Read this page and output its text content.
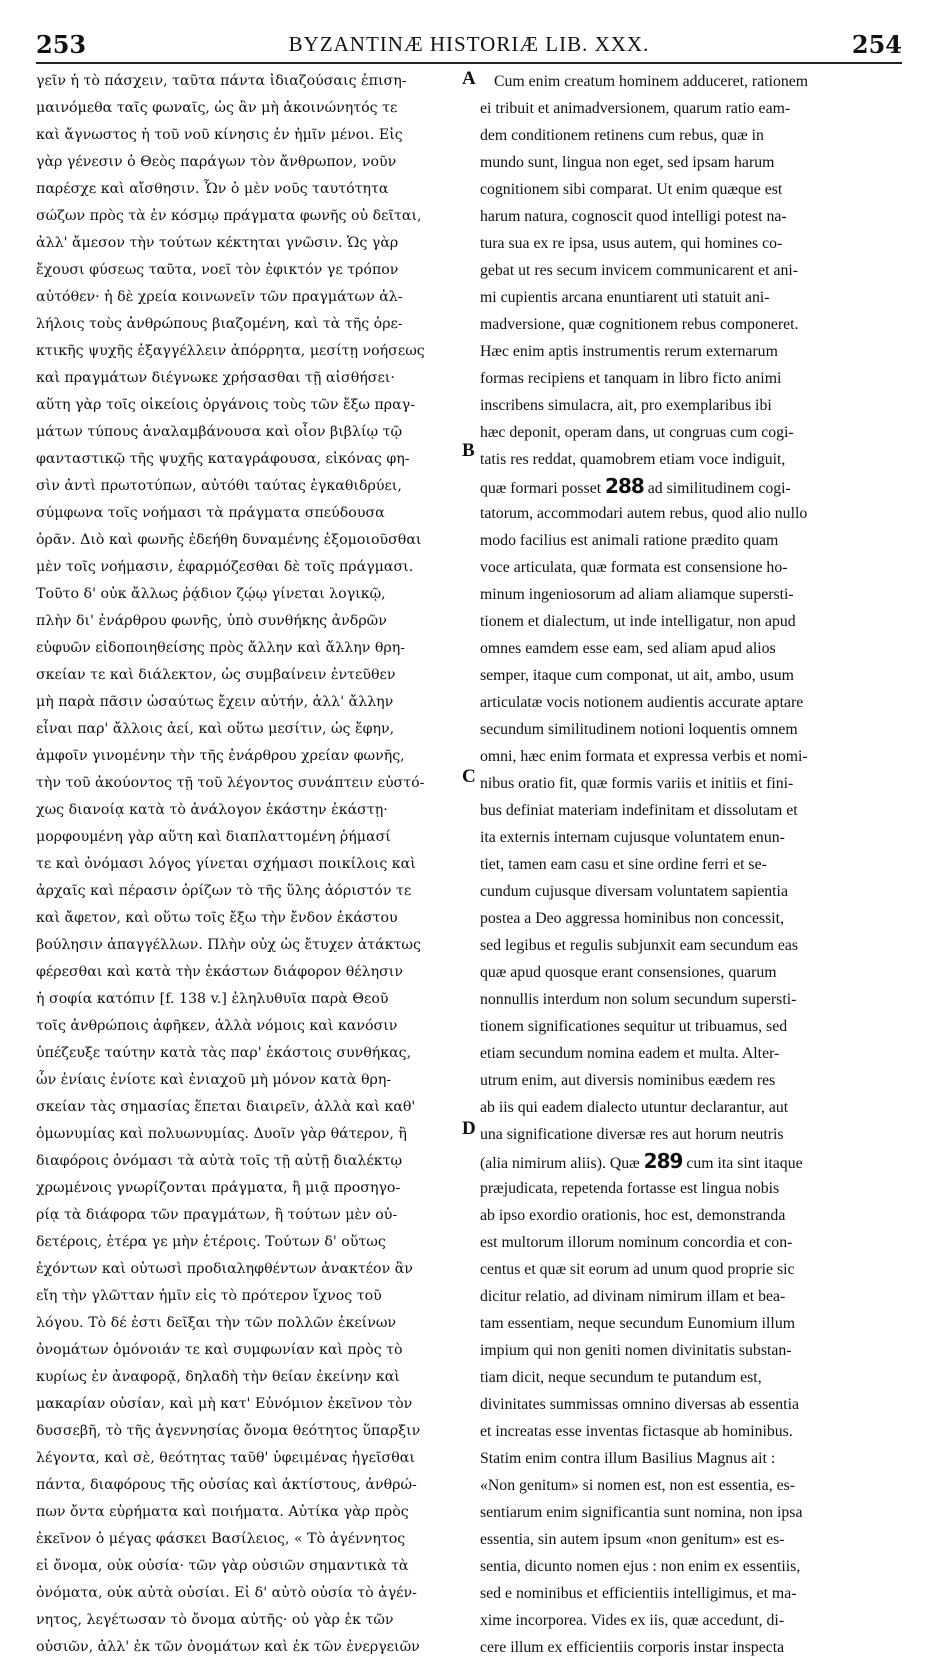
253	BYZANTINÆ HISTORIÆ LIB. XXX.	254
γεῖν ἡ τὸ πάσχειν, ταῦτα πάντα ἰδιαζούσαις ἐπιση-
μαινόμεθα ταῖς φωναῖς, ὡς ἂν μὴ ἀκοινώνητός τε
καὶ ἄγνωστος ἡ τοῦ νοῦ κίνησις ἐν ἡμῖν μένοι. Εἰς
γὰρ γένεσιν ὁ Θεὸς παράγων τὸν ἄνθρωπον, νοῦν
παρέσχε καὶ αἴσθησιν. Ὧν ὁ μὲν νοῦς ταυτότητα
σώζων πρὸς τὰ ἐν κόσμῳ πράγματα φωνῆς οὐ δεῖται,
ἀλλ' ἄμεσον τὴν τούτων κέκτηται γνῶσιν. Ὡς γὰρ
ἔχουσι φύσεως ταῦτα, νοεῖ τὸν ἐφικτόν γε τρόπον
αὐτόθεν· ἡ δὲ χρεία κοινωνεῖν τῶν πραγμάτων ἀλ-
λήλοις τοὺς ἀνθρώπους βιαζομένη, καὶ τὰ τῆς ὀρε-
κτικῆς ψυχῆς ἐξαγγέλλειν ἀπόρρητα, μεσίτῃ νοήσεως
καὶ πραγμάτων διέγνωκε χρήσασθαι τῇ αἰσθήσει·
αὕτη γὰρ τοῖς οἰκείοις ὀργάνοις τοὺς τῶν ἔξω πραγ-
μάτων τύπους ἀναλαμβάνουσα καὶ οἷον βιβλίῳ τῷ
φανταστικῷ τῆς ψυχῆς καταγράφουσα, εἰκόνας φη-
σὶν ἀντὶ πρωτοτύπων, αὐτόθι ταύτας ἐγκαθιδρύει,
σύμφωνα τοῖς νοήμασι τὰ πράγματα σπεύδουσα
ὁρᾶν. Διὸ καὶ φωνῆς ἐδεήθη δυναμένης ἐξομοιοῦσθαι
μὲν τοῖς νοήμασιν, ἐφαρμόζεσθαι δὲ τοῖς πράγμασι.
Τοῦτο δ' οὐκ ἄλλως ῥᾴδιον ζῴῳ γίνεται λογικῷ,
πλὴν δι' ἐνάρθρου φωνῆς, ὑπὸ συνθήκης ἀνδρῶν
εὐφυῶν εἰδοποιηθείσης πρὸς ἄλλην καὶ ἄλλην θρη-
σκείαν τε καὶ διάλεκτον, ὡς συμβαίνειν ἐντεῦθεν
μὴ παρὰ πᾶσιν ὡσαύτως ἔχειν αὐτήν, ἀλλ' ἄλλην
εἶναι παρ' ἄλλοις ἀεί, καὶ οὕτω μεσίτιν, ὡς ἔφην,
ἀμφοῖν γινομένην τὴν τῆς ἐνάρθρου χρείαν φωνῆς,
τὴν τοῦ ἀκούοντος τῇ τοῦ λέγοντος συνάπτειν εὐστό-
χως διανοίᾳ κατὰ τὸ ἀνάλογον ἑκάστην ἑκάστῃ·
μορφουμένη γὰρ αὕτη καὶ διαπλαττομένη ῥήμασί
τε καὶ ὀνόμασι λόγος γίνεται σχήμασι ποικίλοις καὶ
ἀρχαῖς καὶ πέρασιν ὁρίζων τὸ τῆς ὕλης ἀόριστόν τε
καὶ ἄφετον, καὶ οὕτω τοῖς ἔξω τὴν ἔνδον ἑκάστου
βούλησιν ἀπαγγέλλων. Πλὴν οὐχ ὡς ἔτυχεν ἀτάκτως
φέρεσθαι καὶ κατὰ τὴν ἑκάστων διάφορον θέλησιν
ἡ σοφία κατόπιν [f. 138 v.] ἐληλυθυῖα παρὰ Θεοῦ
τοῖς ἀνθρώποις ἀφῆκεν, ἀλλὰ νόμοις καὶ κανόσιν
ὑπέζευξε ταύτην κατὰ τὰς παρ' ἑκάστοις συνθήκας,
ὧν ἐνίαις ἐνίοτε καὶ ἐνιαχοῦ μὴ μόνον κατὰ θρη-
σκείαν τὰς σημασίας ἕπεται διαιρεῖν, ἀλλὰ καὶ καθ'
ὁμωνυμίας καὶ πολυωνυμίας. Δυοῖν γὰρ θάτερον, ἢ
διαφόροις ὀνόμασι τὰ αὐτὰ τοῖς τῇ αὐτῇ διαλέκτῳ
χρωμένοις γνωρίζονται πράγματα, ἢ μιᾷ προσηγο-
ρίᾳ τὰ διάφορα τῶν πραγμάτων, ἢ τούτων μὲν οὐ-
δετέροις, ἑτέρα γε μὴν ἑτέροις. Τούτων δ' οὕτως
ἐχόντων καὶ οὑτωσὶ προδιαληφθέντων ἀνακτέον ἂν
εἴη τὴν γλῶτταν ἡμῖν εἰς τὸ πρότερον ἴχνος τοῦ
λόγου. Τὸ δέ ἐστι δεῖξαι τὴν τῶν πολλῶν ἐκείνων
ὀνομάτων ὁμόνοιάν τε καὶ συμφωνίαν καὶ πρὸς τὸ
κυρίως ἐν ἀναφορᾷ, δηλαδὴ τὴν θείαν ἐκείνην καὶ
μακαρίαν οὐσίαν, καὶ μὴ κατ' Εὐνόμιον ἐκεῖνον τὸν
δυσσεβῆ, τὸ τῆς ἀγεννησίας ὄνομα θεότητος ὕπαρξιν
λέγοντα, καὶ σὲ, θεότητας ταῦθ' ὑφειμένας ἡγεῖσθαι
πάντα, διαφόρους τῆς οὐσίας καὶ ἀκτίστους, ἀνθρώ-
πων ὄντα εὑρήματα καὶ ποιήματα. Αὐτίκα γὰρ πρὸς
ἐκεῖνον ὁ μέγας φάσκει Βασίλειος, « Τὸ ἀγέννητος
εἰ ὄνομα, οὐκ οὐσία· τῶν γὰρ οὐσιῶν σημαντικὰ τὰ
ὀνόματα, οὐκ αὐτὰ οὐσίαι. Εἰ δ' αὐτὸ οὐσία τὸ ἀγέν-
νητος, λεγέτωσαν τὸ ὄνομα αὐτῆς· οὐ γὰρ ἐκ τῶν
οὐσιῶν, ἀλλ' ἐκ τῶν ὀνομάτων καὶ ἐκ τῶν ἐνεργειῶν
Cum enim creatum hominem adduceret, rationem
ei tribuit et animadversionem, quarum ratio eam-
dem conditionem retinens cum rebus, quæ in
mundo sunt, lingua non eget, sed ipsam harum
cognitionem sibi comparat. Ut enim quæque est
harum natura, cognoscit quod intelligi potest na-
tura sua ex re ipsa, usus autem, qui homines co-
gebat ut res secum invicem communicarent et ani-
mi cupientis arcana enuntiarent uti statuit ani-
madversione, quæ cognitionem rebus componeret.
Hæc enim aptis instrumentis rerum externarum
formas recipiens et tanquam in libro ficto animi
inscribens simulacra, ait, pro exemplaribus ibi
hæc deponit, operam dans, ut congruas cum cogi-
tatis res reddat, quamobrem etiam voce indiguit,
quæ formari posset 288 ad similitudinem cogi-
tatorum, accommodari autem rebus, quod alio nullo
modo facilius est animali ratione prædito quam
voce articulata, quæ formata est consensione ho-
minum ingeniosorum ad aliam aliamque supersti-
tionem et dialectum, ut inde intelligatur, non apud
omnes eamdem esse eam, sed aliam apud alios
semper, itaque cum componat, ut ait, ambo, usum
articulatæ vocis notionem audientis accurate aptare
secundum similitudinem notioni loquentis omnem
omni, hæc enim formata et expressa verbis et nomi-
nibus oratio fit, quæ formis variis et initiis et fini-
bus definiat materiam indefinitam et dissolutam et
ita externis internam cujusque voluntatem enun-
tiet, tamen eam casu et sine ordine ferri et se-
cundum cujusque diversam voluntatem sapientia
postea a Deo aggressa hominibus non concessit,
sed legibus et regulis subjunxit eam secundum eas
quæ apud quosque erant consensiones, quarum
nonnullis interdum non solum secundum supersti-
tionem significationes sequitur ut tribuamus, sed
etiam secundum nomina eadem et multa. Alter-
utrum enim, aut diversis nominibus eædem res
ab iis qui eadem dialecto utuntur declarantur, aut
una significatione diversæ res aut horum neutris
(alia nimirum aliis). Quæ 289 cum ita sint itaque
præjudicata, repetenda fortasse est lingua nobis
ab ipso exordio orationis, hoc est, demonstranda
est multorum illorum nominum concordia et con-
centus et quæ sit eorum ad unum quod proprie sic
dicitur relatio, ad divinam nimirum illam et bea-
tam essentiam, neque secundum Eunomium illum
impium qui non geniti nomen divinitatis substan-
tiam dicit, neque secundum te putandum est,
divinitates summissas omnino diversas ab essentia
et increatas esse inventas fictasque ab hominibus.
Statim enim contra illum Basilius Magnus ait :
«Non genitum» si nomen est, non est essentia, es-
sentiarum enim significantia sunt nomina, non ipsa
essentia, sin autem ipsum «non genitum» est es-
sentia, dicunto nomen ejus : non enim ex essentiis,
sed e nominibus et efficientiis intelligimus, et ma-
xime incorporea. Vides ex iis, quæ accedunt, di-
cere illum ex efficientiis corporis instar inspecta
A
B
C
D
